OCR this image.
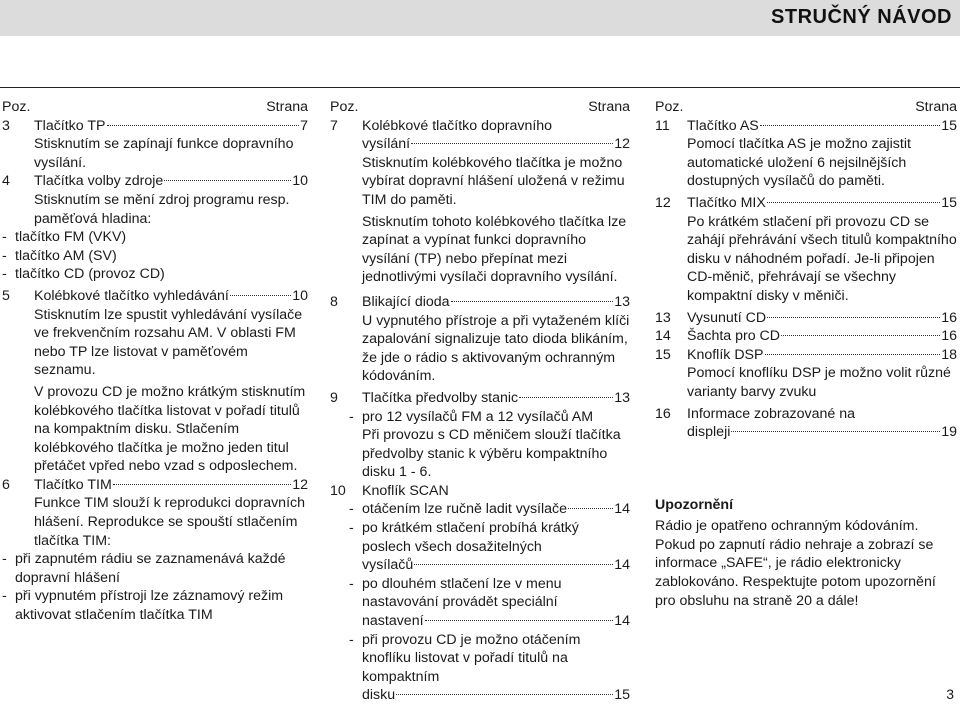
STRUČNÝ NÁVOD
Poz.	Strana
3	Tlačítko TP	7
Stisknutím se zapínají funkce dopravního vysílání.
4	Tlačítka volby zdroje	10
Stisknutím se mění zdroj programu resp. paměťová hladina:
- tlačítko FM (VKV)
- tlačítko AM (SV)
- tlačítko CD (provoz CD)
5	Kolébkové tlačítko vyhledávání	10
Stisknutím lze spustit vyhledávání vysílače ve frekvenčním rozsahu AM. V oblasti FM nebo TP lze listovat v paměťovém seznamu.
V provozu CD je možno krátkým stisknutím kolébkového tlačítka listovat v pořadí titulů na kompaktním disku. Stlačením kolébkového tlačítka je možno jeden titul přetáčet vpřed nebo vzad s odposlechem.
6	Tlačítko TIM	12
Funkce TIM slouží k reprodukci dopravních hlášení. Reprodukce se spouští stlačením tlačítka TIM:
- při zapnutém rádiu se zaznamenává každé dopravní hlášení
- při vypnutém přístroji lze záznamový režim aktivovat stlačením tlačítka TIM
Poz.	Strana
7	Kolébkové tlačítko dopravního
vysílání	12
Stisknutím kolébkového tlačítka je možno vybírat dopravní hlášení uložená v režimu TIM do paměti.
Stisknutím tohoto kolébkového tlačítka lze zapínat a vypínat funkci dopravního vysílání (TP) nebo přepínat mezi jednotlivými vysílači dopravního vysílání.
8	Blikající dioda	13
U vypnutého přístroje a při vytaženém klíči zapalování signalizuje tato dioda blikáním, že jde o rádio s aktivovaným ochranným kódováním.
9	Tlačítka předvolby stanic	13
- pro 12 vysílačů FM a 12 vysílačů AM
Při provozu s CD měničem slouží tlačítka předvolby stanic k výběru kompaktního disku 1 - 6.
10	Knoflík SCAN
- otáčením lze ručně ladit vysílače	14
- po krátkém stlačení probíhá krátký poslech všech dosažitelných
vysílačů	14
- po dlouhém stlačení lze v menu nastavování provádět speciální
nastavení	14
- při provozu CD je možno otáčením knoflíku listovat v pořadí titulů na kompaktním
disku	15
Poz.	Strana
11	Tlačítko AS	15
Pomocí tlačítka AS je možno zajistit automatické uložení 6 nejsilnějších dostupných vysílačů do paměti.
12	Tlačítko MIX	15
Po krátkém stlačení při provozu CD se zahájí přehrávání všech titulů kompaktního disku v náhodném pořadí. Je-li připojen CD-měnič, přehrávají se všechny kompaktní disky v měniči.
13	Vysunutí CD	16
14	Šachta pro CD	16
15	Knoflík DSP	18
Pomocí knoflíku DSP je možno volit různé varianty barvy zvuku
16	Informace zobrazované na
displeji	19
Upozornění
Rádio je opatřeno ochranným kódováním. Pokud po zapnutí rádio nehraje a zobrazí se informace „SAFE“, je rádio elektronicky zablokováno. Respektujte potom upozornění pro obsluhu na straně 20 a dále!
3
